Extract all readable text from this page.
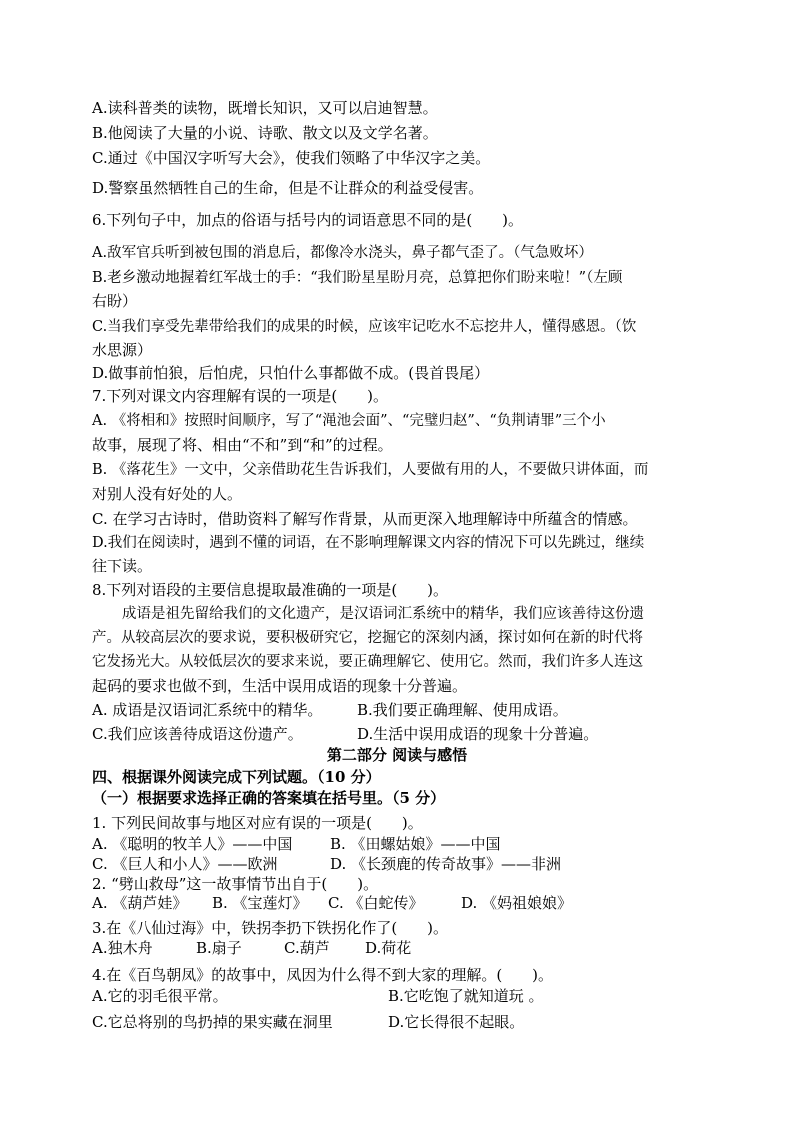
A.读科普类的读物，既增长知识，又可以启迪智慧。
B.他阅读了大量的小说、诗歌、散文以及文学名著。
C.通过《中国汉字听写大会》，使我们领略了中华汉字之美。
D.警察虽然牺牲自己的生命，但是不让群众的利益受侵害。
6.下列句子中，加点的俗语与括号内的词语意思不同的是(　　)。
A.敌军官兵听到被包围的消息后，都像冷水浇头，鼻子都气歪了。（气急败坏）
B.老乡激动地握着红军战士的手：“我们盼星星盼月亮，总算把你们盼来啦！”（左顾
右盼）
C.当我们享受先辈带给我们的成果的时候，应该牢记吃水不忘挖井人，懂得感恩。（饮
水思源）
D.做事前怕狼，后怕虎，只怕什么事都做不成。(畏首畏尾）
7.下列对课文内容理解有误的一项是(　　)。
A. 《将相和》按照时间顺序，写了“渑池会面”、“完璧归赵”、“负荆请罪”三个小
故事，展现了将、相由“不和”到“和”的过程。
B. 《落花生》一文中，父亲借助花生告诉我们，人要做有用的人，不要做只讲体面，而
对别人没有好处的人。
C. 在学习古诗时，借助资料了解写作背景，从而更深入地理解诗中所蕴含的情感。
D.我们在阅读时，遇到不懂的词语，在不影响理解课文内容的情况下可以先跳过，继续
往下读。
8.下列对语段的主要信息提取最准确的一项是(　　)。
成语是祖先留给我们的文化遗产，是汉语词汇系统中的精华，我们应该善待这份遗
产。从较高层次的要求说，要积极研究它，挖掘它的深刻内涵，探讨如何在新的时代将
它发扬光大。从较低层次的要求来说，要正确理解它、使用它。然而，我们许多人连这
起码的要求也做不到，生活中误用成语的现象十分普遍。
A. 成语是汉语词汇系统中的精华。 B.我们要正确理解、使用成语。
C.我们应该善待成语这份遗产。	D.生活中误用成语的现象十分普遍。
第二部分 阅读与感悟
四、根据课外阅读完成下列试题。（10 分）
（一）根据要求选择正确的答案填在括号里。（5 分）
1. 下列民间故事与地区对应有误的一项是(　　)。
A. 《聪明的牧羊人》——中国	B. 《田螺姑娘》——中国
C. 《巨人和小人》——欧洲	D. 《长颈鹿的传奇故事》——非洲
2. “劈山救母”这一故事情节出自于(　　)。
A. 《葫芦娃》 B. 《宝莲灯》 C. 《白蛇传》	D. 《妈祖娘娘》
3.在《八仙过海》中，铁拐李扔下铁拐化作了(　　)。
A.独木舟	B.扇子	C.葫芦 D.荷花
4.在《百鸟朝凤》的故事中，凤因为什么得不到大家的理解。(　　)。
A.它的羽毛很平常。	B.它吃饱了就知道玩 。
C.它总将别的鸟扔掉的果实藏在洞里	D.它长得很不起眼。
